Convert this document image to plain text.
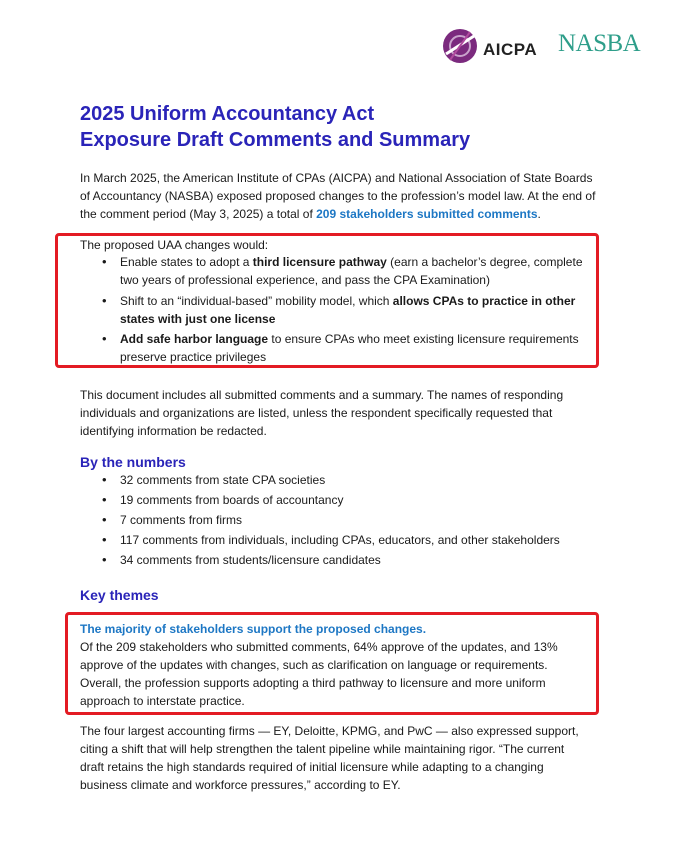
AICPA NASBA
2025 Uniform Accountancy Act
Exposure Draft Comments and Summary

In March 2025, the American Institute of CPAs (AICPA) and National Association of State Boards of Accountancy (NASBA) exposed proposed changes to the profession’s model law. At the end of the comment period (May 3, 2025) a total of 209 stakeholders submitted comments.

The proposed UAA changes would:
• Enable states to adopt a third licensure pathway (earn a bachelor’s degree, complete two years of professional experience, and pass the CPA Examination)
• Shift to an “individual-based” mobility model, which allows CPAs to practice in other states with just one license
• Add safe harbor language to ensure CPAs who meet existing licensure requirements preserve practice privileges

This document includes all submitted comments and a summary. The names of responding individuals and organizations are listed, unless the respondent specifically requested that identifying information be redacted.

By the numbers
• 32 comments from state CPA societies
• 19 comments from boards of accountancy
• 7 comments from firms
• 117 comments from individuals, including CPAs, educators, and other stakeholders
• 34 comments from students/licensure candidates
Key themes
The majority of stakeholders support the proposed changes.

Of the 209 stakeholders who submitted comments, 64% approve of the updates, and 13% approve of the updates with changes, such as clarification on language or requirements. Overall, the profession supports adopting a third pathway to licensure and more uniform approach to interstate practice.

The four largest accounting firms — EY, Deloitte, KPMG, and PwC — also expressed support, citing a shift that will help strengthen the talent pipeline while maintaining rigor. “The current draft retains the high standards required of initial licensure while adapting to a changing business climate and workforce pressures,” according to EY.
